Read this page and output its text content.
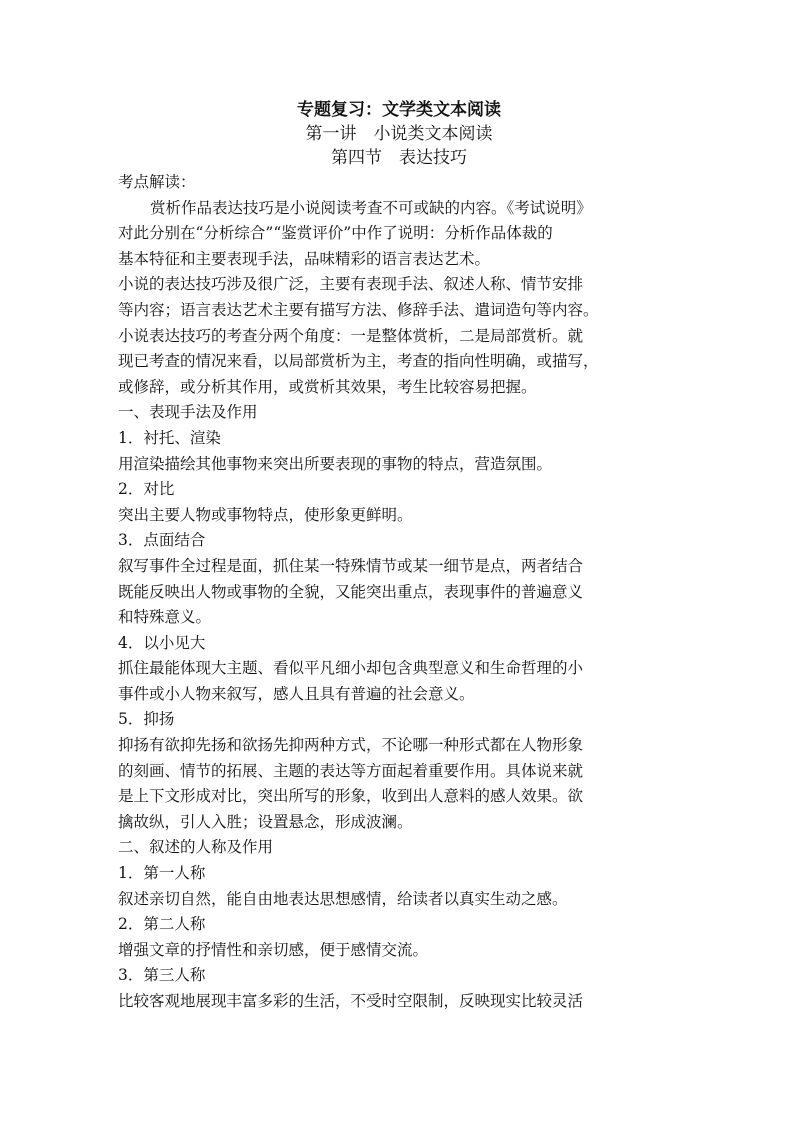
专题复习：文学类文本阅读
第一讲　小说类文本阅读
第四节　表达技巧
考点解读：
赏析作品表达技巧是小说阅读考查不可或缺的内容。《考试说明》
对此分别在“分析综合”“鉴赏评价”中作了说明：分析作品体裁的
基本特征和主要表现手法，品味精彩的语言表达艺术。
小说的表达技巧涉及很广泛，主要有表现手法、叙述人称、情节安排
等内容；语言表达艺术主要有描写方法、修辞手法、遣词造句等内容。
小说表达技巧的考查分两个角度：一是整体赏析，二是局部赏析。就
现已考查的情况来看，以局部赏析为主，考查的指向性明确，或描写，
或修辞，或分析其作用，或赏析其效果，考生比较容易把握。
一、表现手法及作用
1．衬托、渲染
用渲染描绘其他事物来突出所要表现的事物的特点，营造氛围。
2．对比
突出主要人物或事物特点，使形象更鲜明。
3．点面结合
叙写事件全过程是面，抓住某一特殊情节或某一细节是点，两者结合
既能反映出人物或事物的全貌，又能突出重点，表现事件的普遍意义
和特殊意义。
4．以小见大
抓住最能体现大主题、看似平凡细小却包含典型意义和生命哲理的小
事件或小人物来叙写，感人且具有普遍的社会意义。
5．抑扬
抑扬有欲抑先扬和欲扬先抑两种方式，不论哪一种形式都在人物形象
的刻画、情节的拓展、主题的表达等方面起着重要作用。具体说来就
是上下文形成对比，突出所写的形象，收到出人意料的感人效果。欲
擒故纵，引人入胜；设置悬念，形成波澜。
二、叙述的人称及作用
1．第一人称
叙述亲切自然，能自由地表达思想感情，给读者以真实生动之感。
2．第二人称
增强文章的抒情性和亲切感，便于感情交流。
3．第三人称
比较客观地展现丰富多彩的生活，不受时空限制，反映现实比较灵活
